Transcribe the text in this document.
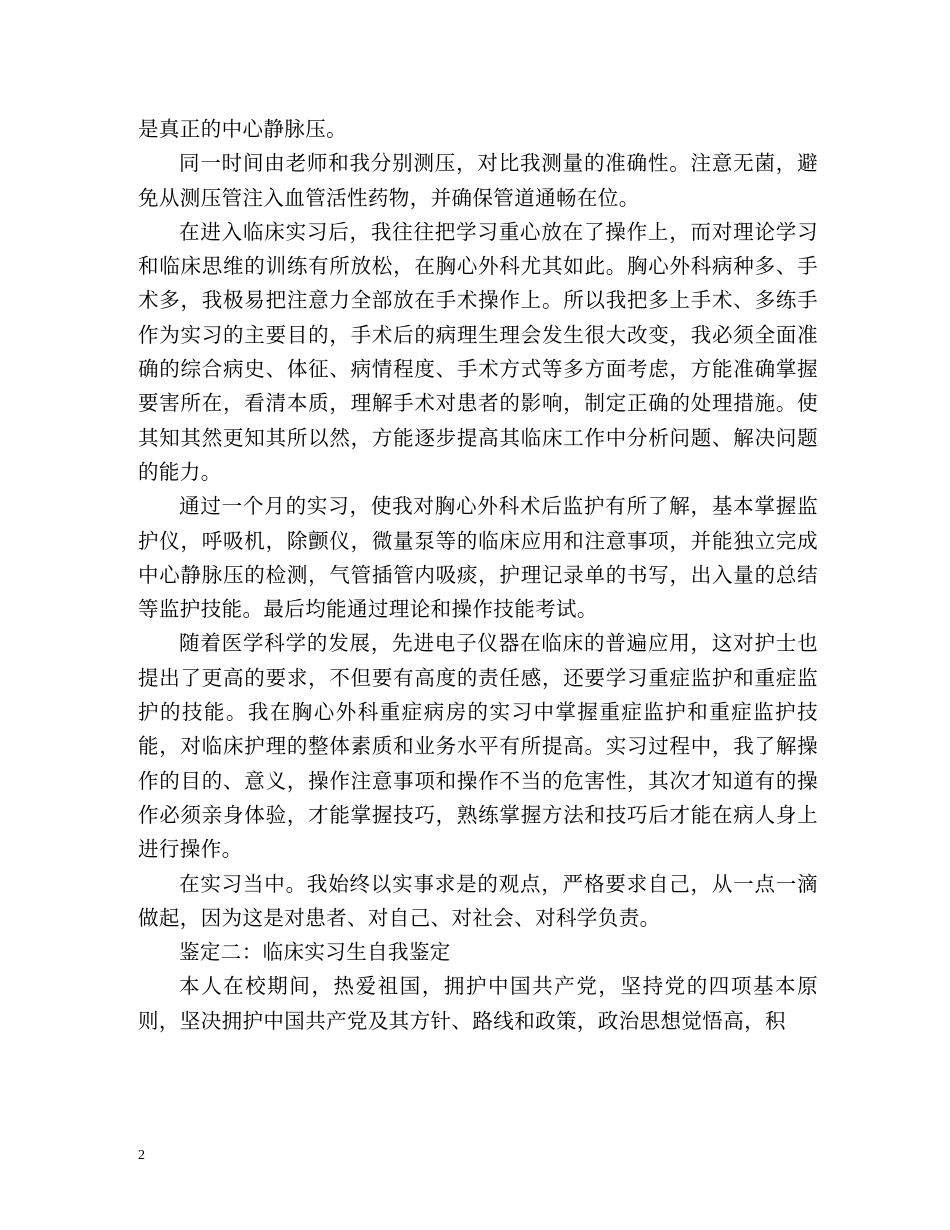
是真正的中心静脉压。

同一时间由老师和我分别测压，对比我测量的准确性。注意无菌，避免从测压管注入血管活性药物，并确保管道通畅在位。

在进入临床实习后，我往往把学习重心放在了操作上，而对理论学习和临床思维的训练有所放松，在胸心外科尤其如此。胸心外科病种多、手术多，我极易把注意力全部放在手术操作上。所以我把多上手术、多练手作为实习的主要目的，手术后的病理生理会发生很大改变，我必须全面准确的综合病史、体征、病情程度、手术方式等多方面考虑，方能准确掌握要害所在，看清本质，理解手术对患者的影响，制定正确的处理措施。使其知其然更知其所以然，方能逐步提高其临床工作中分析问题、解决问题的能力。

通过一个月的实习，使我对胸心外科术后监护有所了解，基本掌握监护仪，呼吸机，除颤仪，微量泵等的临床应用和注意事项，并能独立完成中心静脉压的检测，气管插管内吸痰，护理记录单的书写，出入量的总结等监护技能。最后均能通过理论和操作技能考试。

随着医学科学的发展，先进电子仪器在临床的普遍应用，这对护士也提出了更高的要求，不但要有高度的责任感，还要学习重症监护和重症监护的技能。我在胸心外科重症病房的实习中掌握重症监护和重症监护技能，对临床护理的整体素质和业务水平有所提高。实习过程中，我了解操作的目的、意义，操作注意事项和操作不当的危害性，其次才知道有的操作必须亲身体验，才能掌握技巧，熟练掌握方法和技巧后才能在病人身上进行操作。

在实习当中。我始终以实事求是的观点，严格要求自己，从一点一滴做起，因为这是对患者、对自己、对社会、对科学负责。

鉴定二：临床实习生自我鉴定

本人在校期间，热爱祖国，拥护中国共产党，坚持党的四项基本原则，坚决拥护中国共产党及其方针、路线和政策，政治思想觉悟高，积

2
